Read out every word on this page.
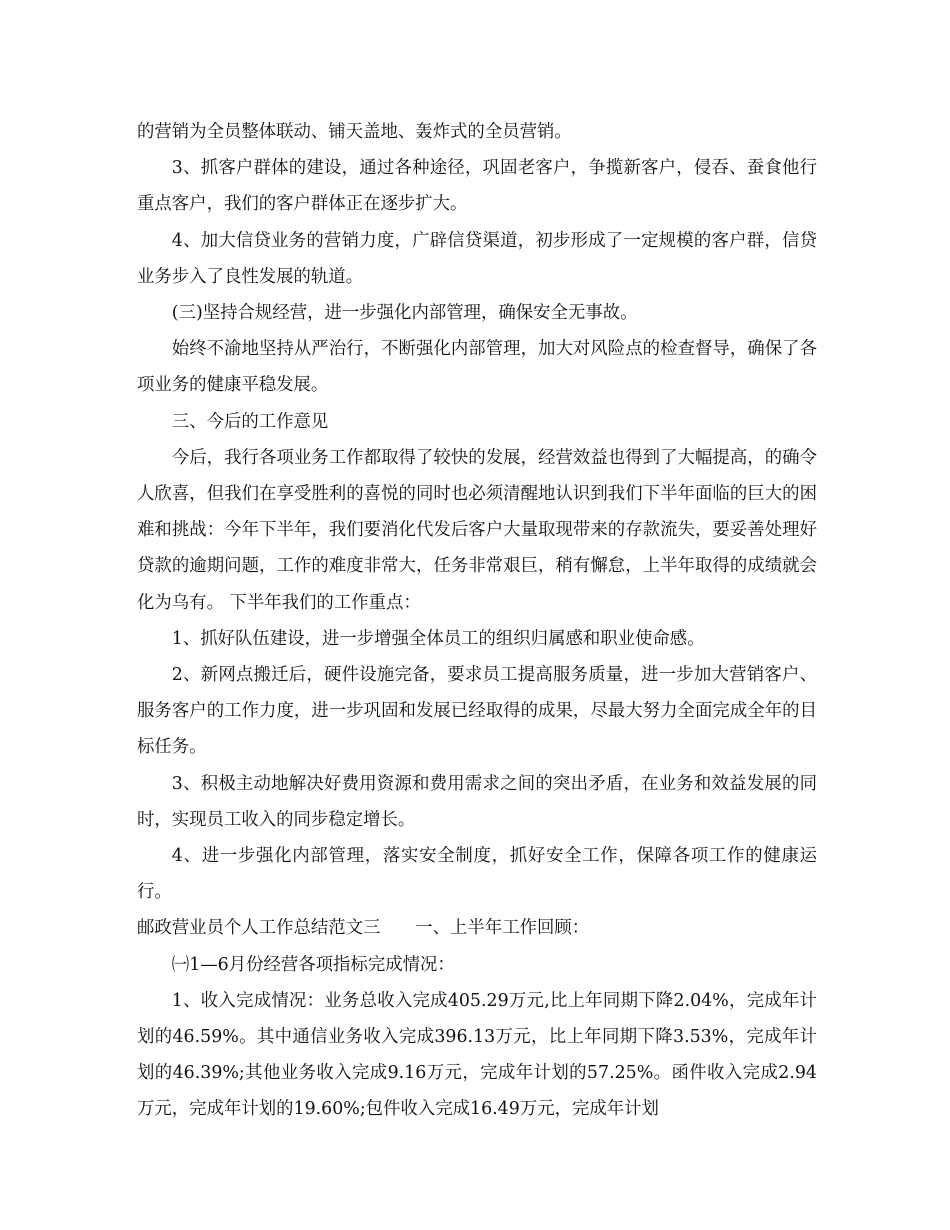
的营销为全员整体联动、铺天盖地、轰炸式的全员营销。

3、抓客户群体的建设，通过各种途径，巩固老客户，争揽新客户，侵吞、蚕食他行重点客户，我们的客户群体正在逐步扩大。

4、加大信贷业务的营销力度，广辟信贷渠道，初步形成了一定规模的客户群，信贷业务步入了良性发展的轨道。

(三)坚持合规经营，进一步强化内部管理，确保安全无事故。

始终不渝地坚持从严治行，不断强化内部管理，加大对风险点的检查督导，确保了各项业务的健康平稳发展。

三、今后的工作意见

今后，我行各项业务工作都取得了较快的发展，经营效益也得到了大幅提高，的确令人欣喜，但我们在享受胜利的喜悦的同时也必须清醒地认识到我们下半年面临的巨大的困难和挑战：今年下半年，我们要消化代发后客户大量取现带来的存款流失，要妥善处理好贷款的逾期问题，工作的难度非常大，任务非常艰巨，稍有懈怠，上半年取得的成绩就会化为乌有。 下半年我们的工作重点：

1、抓好队伍建设，进一步增强全体员工的组织归属感和职业使命感。

2、新网点搬迁后，硬件设施完备，要求员工提高服务质量，进一步加大营销客户、服务客户的工作力度，进一步巩固和发展已经取得的成果，尽最大努力全面完成全年的目标任务。

3、积极主动地解决好费用资源和费用需求之间的突出矛盾，在业务和效益发展的同时，实现员工收入的同步稳定增长。

4、进一步强化内部管理，落实安全制度，抓好安全工作，保障各项工作的健康运行。

邮政营业员个人工作总结范文三　　一、上半年工作回顾：

㈠1—6月份经营各项指标完成情况：

1、收入完成情况：业务总收入完成405.29万元,比上年同期下降2.04%，完成年计划的46.59%。其中通信业务收入完成396.13万元，比上年同期下降3.53%，完成年计划的46.39%;其他业务收入完成9.16万元，完成年计划的57.25%。函件收入完成2.94万元，完成年计划的19.60%;包件收入完成16.49万元，完成年计划
